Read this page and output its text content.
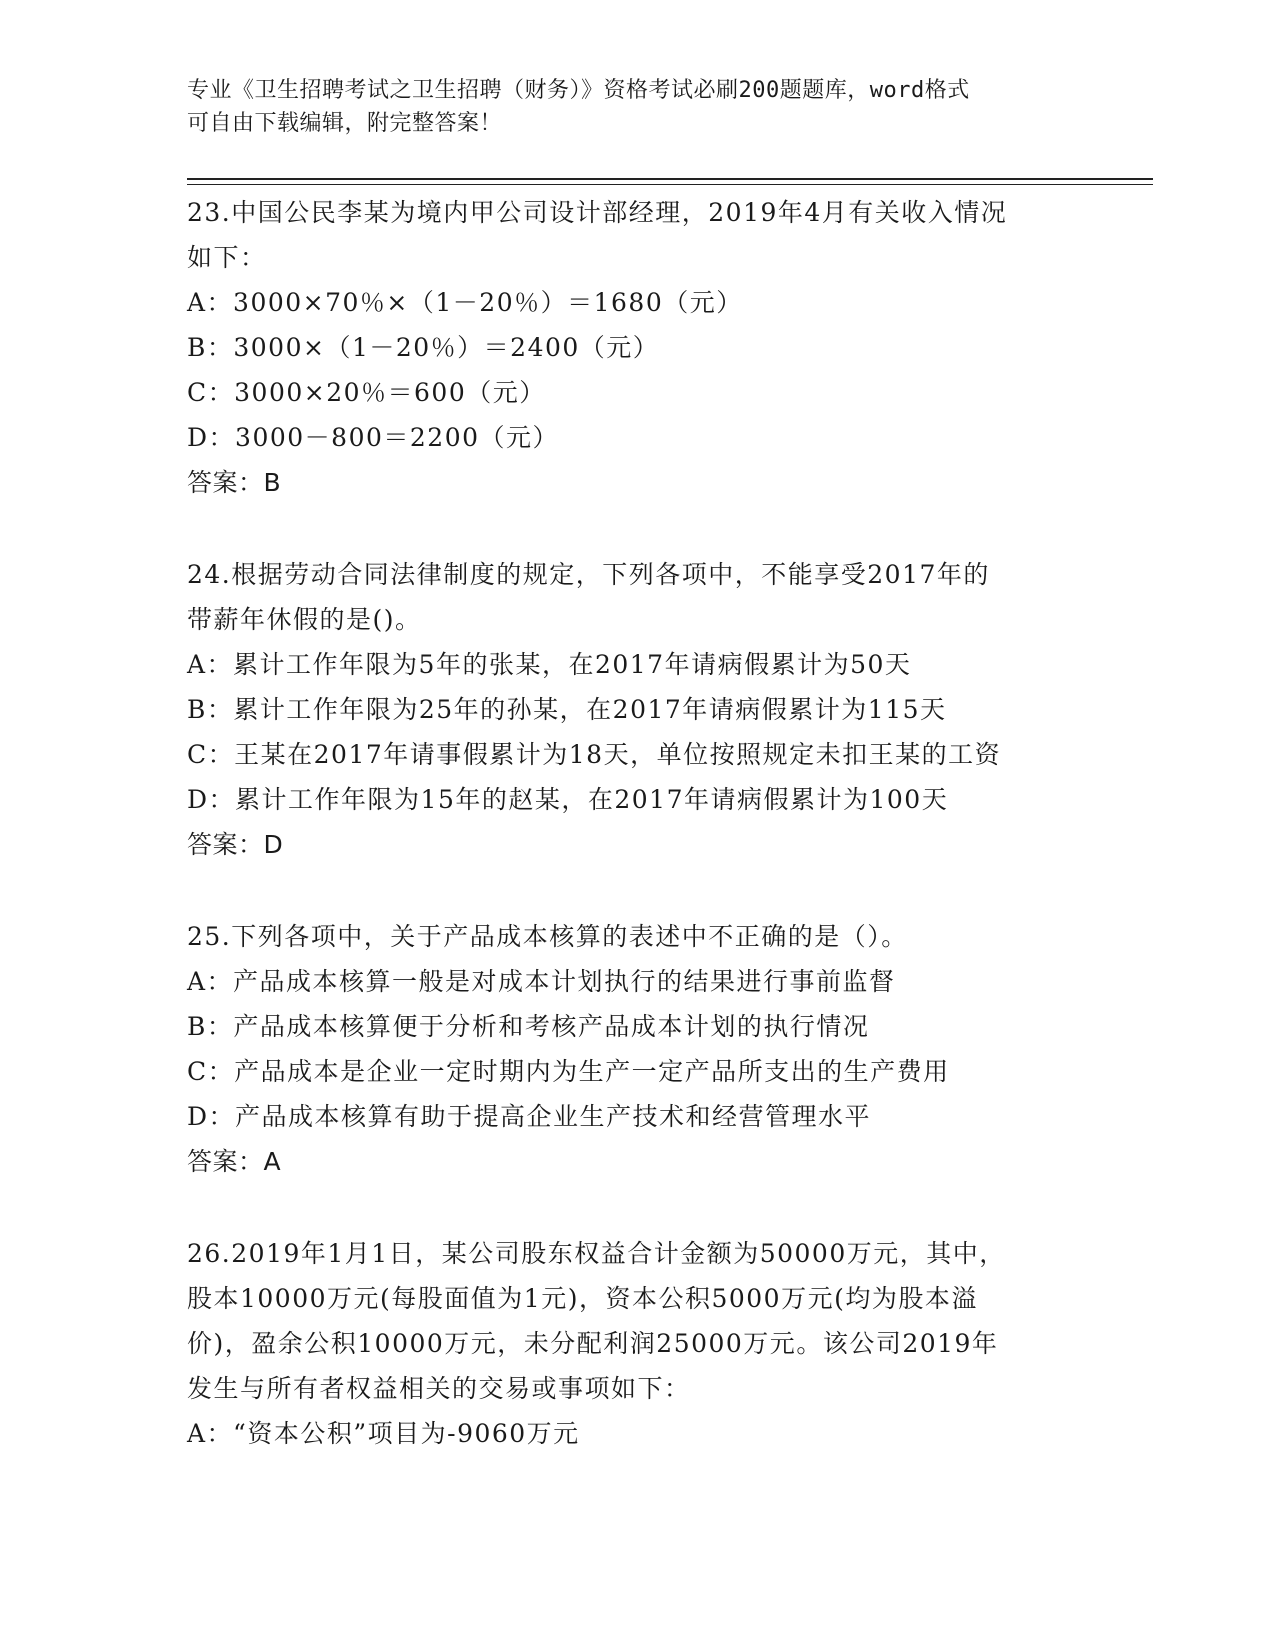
专业《卫生招聘考试之卫生招聘（财务）》资格考试必刷200题题库，word格式
可自由下载编辑，附完整答案！
23.中国公民李某为境内甲公司设计部经理，2019年4月有关收入情况
如下：
A：3000×70％×（1－20％）＝1680（元）
B：3000×（1－20％）＝2400（元）
C：3000×20％＝600（元）
D：3000－800＝2200（元）
答案：B
24.根据劳动合同法律制度的规定，下列各项中，不能享受2017年的
带薪年休假的是()。
A：累计工作年限为5年的张某，在2017年请病假累计为50天
B：累计工作年限为25年的孙某，在2017年请病假累计为115天
C：王某在2017年请事假累计为18天，单位按照规定未扣王某的工资
D：累计工作年限为15年的赵某，在2017年请病假累计为100天
答案：D
25.下列各项中，关于产品成本核算的表述中不正确的是（）。
A：产品成本核算一般是对成本计划执行的结果进行事前监督
B：产品成本核算便于分析和考核产品成本计划的执行情况
C：产品成本是企业一定时期内为生产一定产品所支出的生产费用
D：产品成本核算有助于提高企业生产技术和经营管理水平
答案：A
26.2019年1月1日，某公司股东权益合计金额为50000万元，其中，
股本10000万元(每股面值为1元)，资本公积5000万元(均为股本溢
价)，盈余公积10000万元，未分配利润25000万元。该公司2019年
发生与所有者权益相关的交易或事项如下：
A：“资本公积”项目为-9060万元
